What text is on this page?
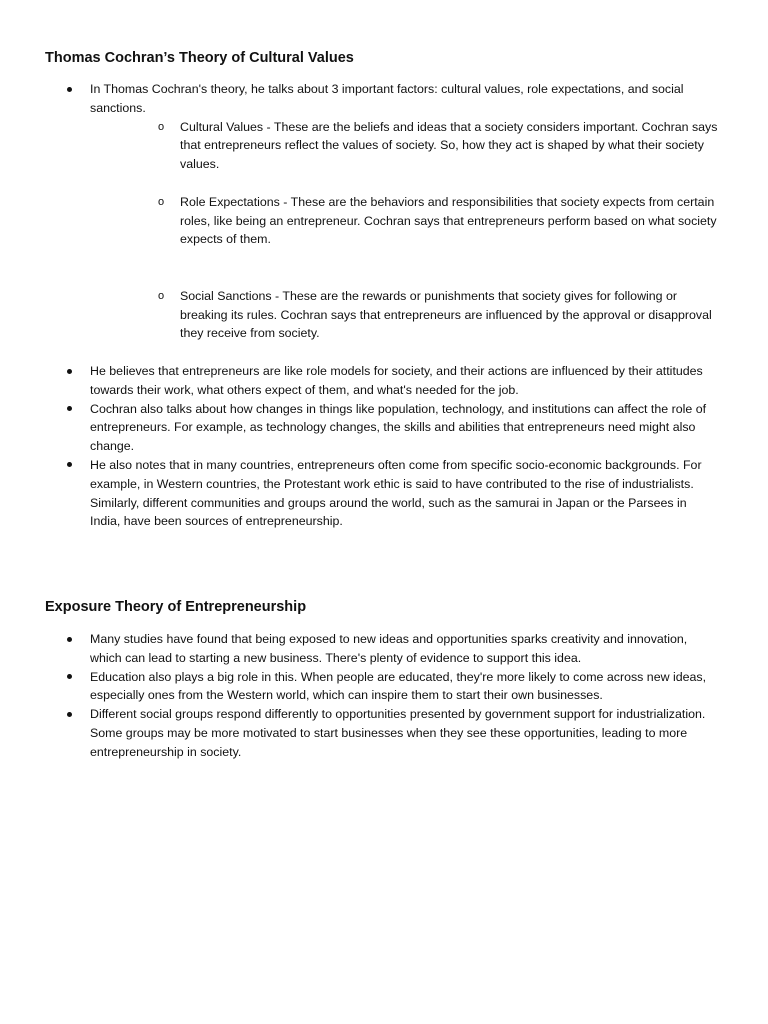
Thomas Cochran’s Theory of Cultural Values
In Thomas Cochran's theory, he talks about 3 important factors: cultural values, role expectations, and social sanctions.
o Cultural Values - These are the beliefs and ideas that a society considers important. Cochran says that entrepreneurs reflect the values of society. So, how they act is shaped by what their society values.
o Role Expectations - These are the behaviors and responsibilities that society expects from certain roles, like being an entrepreneur. Cochran says that entrepreneurs perform based on what society expects of them.
o Social Sanctions - These are the rewards or punishments that society gives for following or breaking its rules. Cochran says that entrepreneurs are influenced by the approval or disapproval they receive from society.
He believes that entrepreneurs are like role models for society, and their actions are influenced by their attitudes towards their work, what others expect of them, and what's needed for the job.
Cochran also talks about how changes in things like population, technology, and institutions can affect the role of entrepreneurs. For example, as technology changes, the skills and abilities that entrepreneurs need might also change.
He also notes that in many countries, entrepreneurs often come from specific socio-economic backgrounds. For example, in Western countries, the Protestant work ethic is said to have contributed to the rise of industrialists. Similarly, different communities and groups around the world, such as the samurai in Japan or the Parsees in India, have been sources of entrepreneurship.
Exposure Theory of Entrepreneurship
Many studies have found that being exposed to new ideas and opportunities sparks creativity and innovation, which can lead to starting a new business. There's plenty of evidence to support this idea.
Education also plays a big role in this. When people are educated, they're more likely to come across new ideas, especially ones from the Western world, which can inspire them to start their own businesses.
Different social groups respond differently to opportunities presented by government support for industrialization. Some groups may be more motivated to start businesses when they see these opportunities, leading to more entrepreneurship in society.
